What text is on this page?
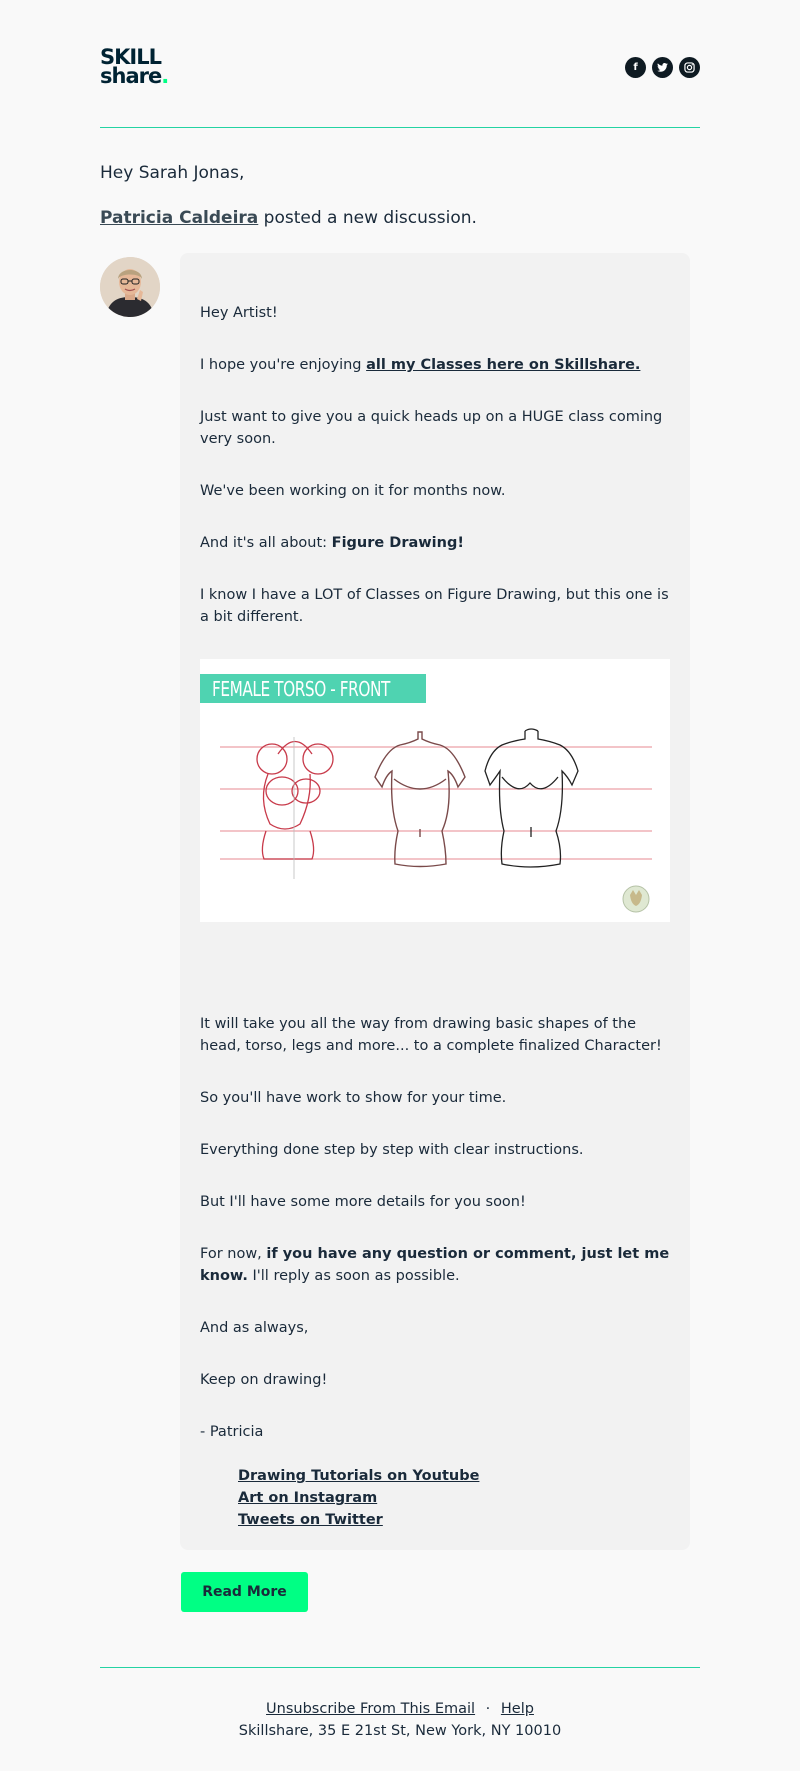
SKILL
share.	f
Hey Sarah Jonas,
Patricia Caldeira posted a new discussion.
Hey Artist!
I hope you're enjoying all my Classes here on Skillshare.
Just want to give you a quick heads up on a HUGE class coming very soon.
We've been working on it for months now.
And it's all about: Figure Drawing!
I know I have a LOT of Classes on Figure Drawing, but this one is a bit different.
FEMALE TORSO - FRONT
It will take you all the way from drawing basic shapes of the head, torso, legs and more... to a complete finalized Character!
So you'll have work to show for your time.
Everything done step by step with clear instructions.
But I'll have some more details for you soon!
For now, if you have any question or comment, just let me know. I'll reply as soon as possible.
And as always,
Keep on drawing!
- Patricia
Drawing Tutorials on Youtube
Art on Instagram
Tweets on Twitter
Read More
Unsubscribe From This Email · Help
Skillshare, 35 E 21st St, New York, NY 10010
